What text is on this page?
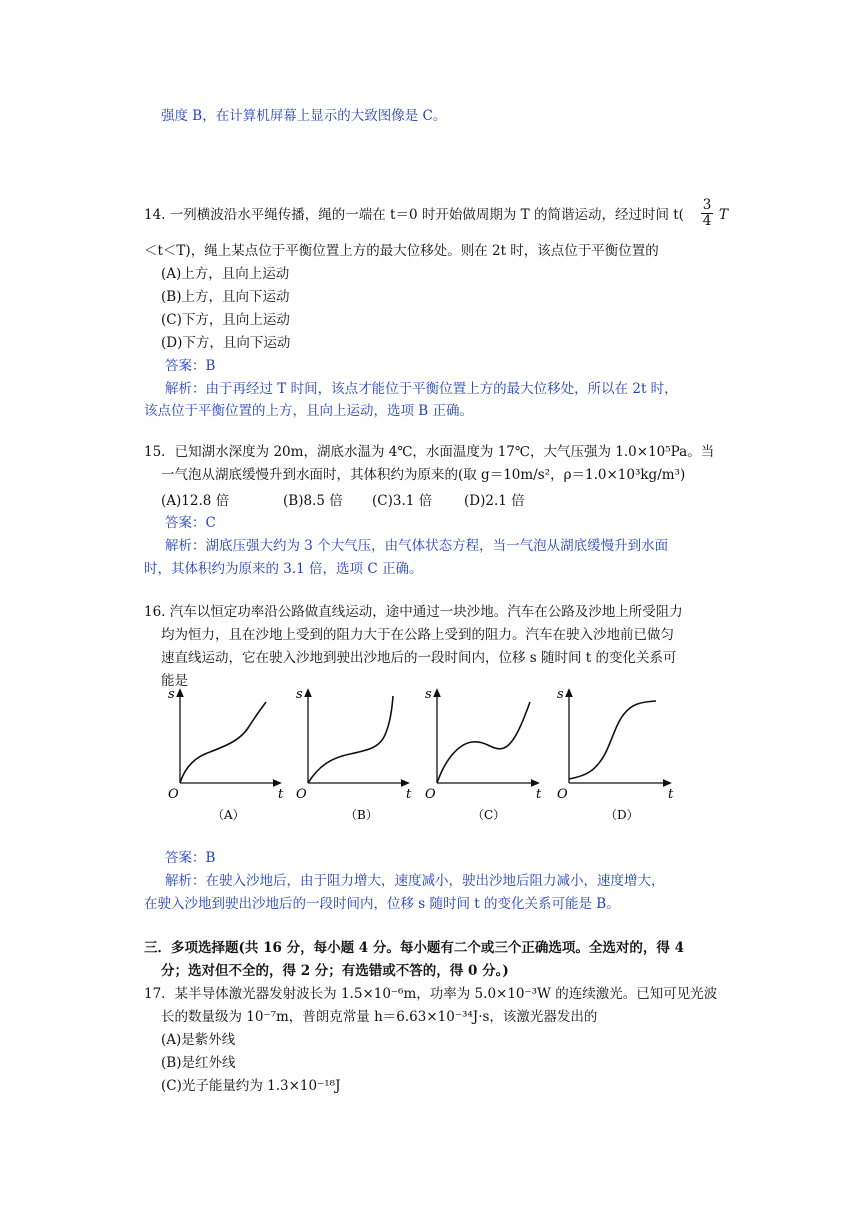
强度 B，在计算机屏幕上显示的大致图像是 C。
14. 一列横波沿水平绳传播，绳的一端在 t＝0 时开始做周期为 T 的简谐运动，经过时间 $t( \frac{3}{4}$ T
＜t＜T)，绳上某点位于平衡位置上方的最大位移处。则在 2t 时，该点位于平衡位置的
(A)上方，且向上运动
(B)上方，且向下运动
(C)下方，且向上运动
(D)下方，且向下运动
答案：B
解析：由于再经过 T 时间，该点才能位于平衡位置上方的最大位移处，所以在 2t 时，
该点位于平衡位置的上方，且向上运动，选项 B 正确。
15．已知湖水深度为 20m，湖底水温为 4℃，水面温度为 17℃，大气压强为 1.0×10⁵Pa。当
一气泡从湖底缓慢升到水面时，其体积约为原来的(取 g＝10m/s²，ρ＝1.0×10³kg/m³)
(A)12.8 倍	(B)8.5 倍 (C)3.1 倍 (D)2.1 倍
答案：C
解析：湖底压强大约为 3 个大气压，由气体状态方程，当一气泡从湖底缓慢升到水面
时，其体积约为原来的 3.1 倍，选项 C 正确。
16. 汽车以恒定功率沿公路做直线运动，途中通过一块沙地。汽车在公路及沙地上所受阻力
均为恒力，且在沙地上受到的阻力大于在公路上受到的阻力。汽车在驶入沙地前已做匀
速直线运动，它在驶入沙地到驶出沙地后的一段时间内，位移 s 随时间 t 的变化关系可
能是
s
t
O
（A）
s
t
O
（B）
s
t
O
（C）
s
t
O
（D）
答案：B
解析：在驶入沙地后，由于阻力增大，速度减小，驶出沙地后阻力减小，速度增大，
在驶入沙地到驶出沙地后的一段时间内，位移 s 随时间 t 的变化关系可能是 B。
三．多项选择题(共 16 分，每小题 4 分。每小题有二个或三个正确选项。全选对的，得 4
分；选对但不全的，得 2 分；有选错或不答的，得 0 分。)
17．某半导体激光器发射波长为 1.5×10⁻⁶m，功率为 5.0×10⁻³W 的连续激光。已知可见光波
长的数量级为 10⁻⁷m，普朗克常量 h＝6.63×10⁻³⁴J·s，该激光器发出的
(A)是紫外线
(B)是红外线
(C)光子能量约为 1.3×10⁻¹⁸J
